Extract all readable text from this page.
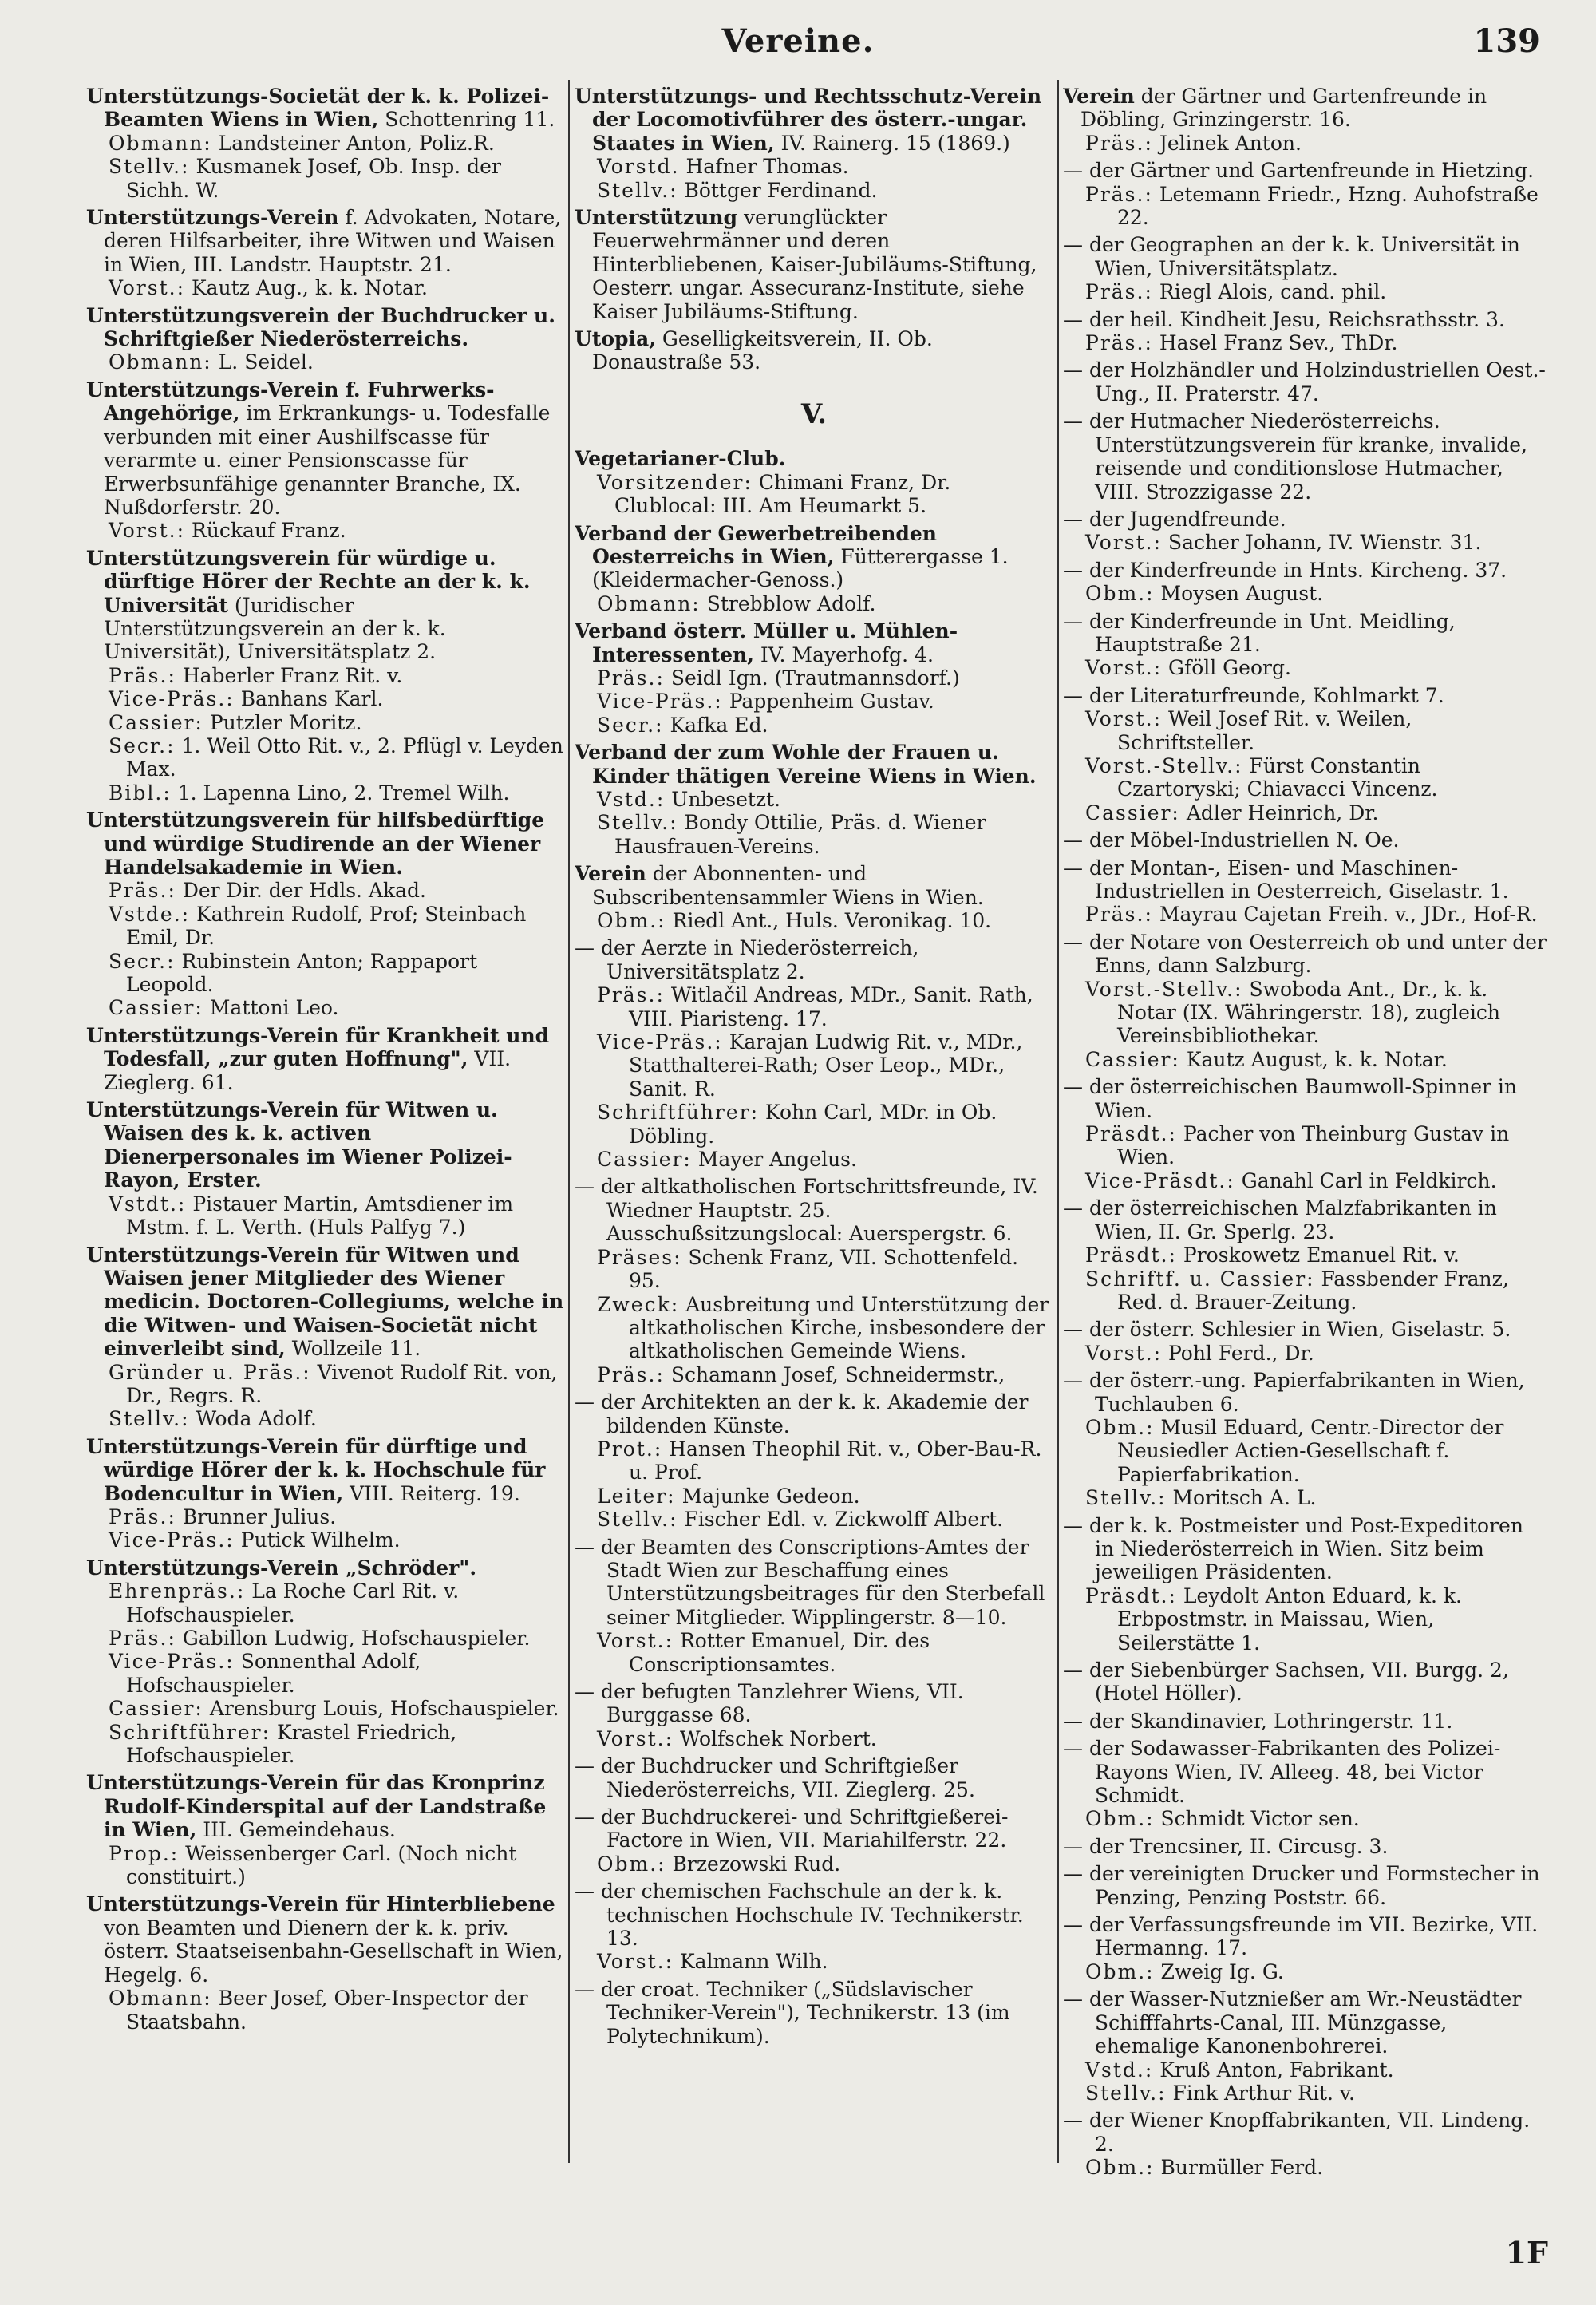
Vereine.	139
Unterstützungs-Societät der k. k. Polizei-Beamten Wiens in Wien, Schottenring 11.
Obmann: Landsteiner Anton, Poliz.R.
Stellv.: Kusmanek Josef, Ob. Insp. der Sichh. W.
Unterstützungs-Verein f. Advokaten, Notare, deren Hilfsarbeiter, ihre Witwen und Waisen in Wien, III. Landstr. Hauptstr. 21.
Vorst.: Kautz Aug., k. k. Notar.
Unterstützungsverein der Buchdrucker u. Schriftgießer Niederösterreichs.
Obmann: L. Seidel.
Unterstützungs-Verein f. Fuhrwerks-Angehörige, im Erkrankungs- u. Todesfalle verbunden mit einer Aushilfscasse für verarmte u. einer Pensionscasse für Erwerbsunfähige genannter Branche, IX. Nußdorferstr. 20.
Vorst.: Rückauf Franz.
Unterstützungsverein für würdige u. dürftige Hörer der Rechte an der k. k. Universität (Juridischer Unterstützungsverein an der k. k. Universität), Universitätsplatz 2.
Präs.: Haberler Franz Rit. v.
Vice-Präs.: Banhans Karl.
Cassier: Putzler Moritz.
Secr.: 1. Weil Otto Rit. v., 2. Pflügl v. Leyden Max.
Bibl.: 1. Lapenna Lino, 2. Tremel Wilh.
Unterstützungsverein für hilfsbedürftige und würdige Studirende an der Wiener Handelsakademie in Wien.
Präs.: Der Dir. der Hdls. Akad.
Vstde.: Kathrein Rudolf, Prof; Steinbach Emil, Dr.
Secr.: Rubinstein Anton; Rappaport Leopold.
Cassier: Mattoni Leo.
Unterstützungs-Verein für Krankheit und Todesfall, „zur guten Hoffnung", VII. Zieglerg. 61.
Unterstützungs-Verein für Witwen u. Waisen des k. k. activen Dienerpersonales im Wiener Polizei-Rayon, Erster.
Vstdt.: Pistauer Martin, Amtsdiener im Mstm. f. L. Verth. (Huls Palfyg 7.)
Unterstützungs-Verein für Witwen und Waisen jener Mitglieder des Wiener medicin. Doctoren-Collegiums, welche in die Witwen- und Waisen-Societät nicht einverleibt sind, Wollzeile 11.
Gründer u. Präs.: Vivenot Rudolf Rit. von, Dr., Regrs. R.
Stellv.: Woda Adolf.
Unterstützungs-Verein für dürftige und würdige Hörer der k. k. Hochschule für Bodencultur in Wien, VIII. Reiterg. 19.
Präs.: Brunner Julius.
Vice-Präs.: Putick Wilhelm.
Unterstützungs-Verein „Schröder".
Ehrenpräs.: La Roche Carl Rit. v. Hofschauspieler.
Präs.: Gabillon Ludwig, Hofschauspieler.
Vice-Präs.: Sonnenthal Adolf, Hofschauspieler.
Cassier: Arensburg Louis, Hofschauspieler.
Schriftführer: Krastel Friedrich, Hofschauspieler.
Unterstützungs-Verein für das Kronprinz Rudolf-Kinderspital auf der Landstraße in Wien, III. Gemeindehaus.
Prop.: Weissenberger Carl. (Noch nicht constituirt.)
Unterstützungs-Verein für Hinterbliebene von Beamten und Dienern der k. k. priv. österr. Staatseisenbahn-Gesellschaft in Wien, Hegelg. 6.
Obmann: Beer Josef, Ober-Inspector der Staatsbahn.
Unterstützungs- und Rechtsschutz-Verein der Locomotivführer des österr.-ungar. Staates in Wien, IV. Rainerg. 15 (1869.)
Vorstd. Hafner Thomas.
Stellv.: Böttger Ferdinand.
Unterstützung verunglückter Feuerwehrmänner und deren Hinterbliebenen, Kaiser-Jubiläums-Stiftung, Oesterr. ungar. Assecuranz-Institute, siehe Kaiser Jubiläums-Stiftung.
Utopia, Geselligkeitsverein, II. Ob. Donaustraße 53.
V.
Vegetarianer-Club.
Vorsitzender: Chimani Franz, Dr. Clublocal: III. Am Heumarkt 5.
Verband der Gewerbetreibenden Oesterreichs in Wien, Fütterergasse 1. (Kleidermacher-Genoss.)
Obmann: Strebblow Adolf.
Verband österr. Müller u. Mühlen-Interessenten, IV. Mayerhofg. 4.
Präs.: Seidl Ign. (Trautmannsdorf.)
Vice-Präs.: Pappenheim Gustav.
Secr.: Kafka Ed.
Verband der zum Wohle der Frauen u. Kinder thätigen Vereine Wiens in Wien.
Vstd.: Unbesetzt.
Stellv.: Bondy Ottilie, Präs. d. Wiener Hausfrauen-Vereins.
Verein der Abonnenten- und Subscribentensammler Wiens in Wien.
Obm.: Riedl Ant., Huls. Veronikag. 10.
— der Aerzte in Niederösterreich, Universitätsplatz 2.
Präs.: Witlačil Andreas, MDr., Sanit. Rath, VIII. Piaristeng. 17.
Vice-Präs.: Karajan Ludwig Rit. v., MDr., Statthalterei-Rath; Oser Leop., MDr., Sanit. R.
Schriftführer: Kohn Carl, MDr. in Ob. Döbling.
Cassier: Mayer Angelus.
— der altkatholischen Fortschrittsfreunde, IV. Wiedner Hauptstr. 25. Ausschußsitzungslocal: Auerspergstr. 6.
Präses: Schenk Franz, VII. Schottenfeld. 95.
Zweck: Ausbreitung und Unterstützung der altkatholischen Kirche, insbesondere der altkatholischen Gemeinde Wiens.
Präs.: Schamann Josef, Schneidermstr.,
— der Architekten an der k. k. Akademie der bildenden Künste.
Prot.: Hansen Theophil Rit. v., Ober-Bau-R. u. Prof.
Leiter: Majunke Gedeon.
Stellv.: Fischer Edl. v. Zickwolff Albert.
— der Beamten des Conscriptions-Amtes der Stadt Wien zur Beschaffung eines Unterstützungsbeitrages für den Sterbefall seiner Mitglieder. Wipplingerstr. 8—10.
Vorst.: Rotter Emanuel, Dir. des Conscriptionsamtes.
— der befugten Tanzlehrer Wiens, VII. Burggasse 68.
Vorst.: Wolfschek Norbert.
— der Buchdrucker und Schriftgießer Niederösterreichs, VII. Zieglerg. 25.
— der Buchdruckerei- und Schriftgießerei-Factore in Wien, VII. Mariahilferstr. 22.
Obm.: Brzezowski Rud.
— der chemischen Fachschule an der k. k. technischen Hochschule IV. Technikerstr. 13.
Vorst.: Kalmann Wilh.
— der croat. Techniker („Südslavischer Techniker-Verein"), Technikerstr. 13 (im Polytechnikum).
Verein der Gärtner und Gartenfreunde in Döbling, Grinzingerstr. 16.
Präs.: Jelinek Anton.
— der Gärtner und Gartenfreunde in Hietzing.
Präs.: Letemann Friedr., Hzng. Auhofstraße 22.
— der Geographen an der k. k. Universität in Wien, Universitätsplatz.
Präs.: Riegl Alois, cand. phil.
— der heil. Kindheit Jesu, Reichsrathsstr. 3.
Präs.: Hasel Franz Sev., ThDr.
— der Holzhändler und Holzindustriellen Oest.-Ung., II. Praterstr. 47.
— der Hutmacher Niederösterreichs. Unterstützungsverein für kranke, invalide, reisende und conditionslose Hutmacher, VIII. Strozzigasse 22.
— der Jugendfreunde.
Vorst.: Sacher Johann, IV. Wienstr. 31.
— der Kinderfreunde in Hnts. Kircheng. 37.
Obm.: Moysen August.
— der Kinderfreunde in Unt. Meidling, Hauptstraße 21.
Vorst.: Gföll Georg.
— der Literaturfreunde, Kohlmarkt 7.
Vorst.: Weil Josef Rit. v. Weilen, Schriftsteller.
Vorst.-Stellv.: Fürst Constantin Czartoryski; Chiavacci Vincenz.
Cassier: Adler Heinrich, Dr.
— der Möbel-Industriellen N. Oe.
— der Montan-, Eisen- und Maschinen-Industriellen in Oesterreich, Giselastr. 1.
Präs.: Mayrau Cajetan Freih. v., JDr., Hof-R.
— der Notare von Oesterreich ob und unter der Enns, dann Salzburg.
Vorst.-Stellv.: Swoboda Ant., Dr., k. k. Notar (IX. Währingerstr. 18), zugleich Vereinsbibliothekar.
Cassier: Kautz August, k. k. Notar.
— der österreichischen Baumwoll-Spinner in Wien.
Präsdt.: Pacher von Theinburg Gustav in Wien.
Vice-Präsdt.: Ganahl Carl in Feldkirch.
— der österreichischen Malzfabrikanten in Wien, II. Gr. Sperlg. 23.
Präsdt.: Proskowetz Emanuel Rit. v.
Schriftf. u. Cassier: Fassbender Franz, Red. d. Brauer-Zeitung.
— der österr. Schlesier in Wien, Giselastr. 5.
Vorst.: Pohl Ferd., Dr.
— der österr.-ung. Papierfabrikanten in Wien, Tuchlauben 6.
Obm.: Musil Eduard, Centr.-Director der Neusiedler Actien-Gesellschaft f. Papierfabrikation.
Stellv.: Moritsch A. L.
— der k. k. Postmeister und Post-Expeditoren in Niederösterreich in Wien. Sitz beim jeweiligen Präsidenten.
Präsdt.: Leydolt Anton Eduard, k. k. Erbpostmstr. in Maissau, Wien, Seilerstätte 1.
— der Siebenbürger Sachsen, VII. Burgg. 2, (Hotel Höller).
— der Skandinavier, Lothringerstr. 11.
— der Sodawasser-Fabrikanten des Polizei-Rayons Wien, IV. Alleeg. 48, bei Victor Schmidt.
Obm.: Schmidt Victor sen.
— der Trencsiner, II. Circusg. 3.
— der vereinigten Drucker und Formstecher in Penzing, Penzing Poststr. 66.
— der Verfassungsfreunde im VII. Bezirke, VII. Hermanng. 17.
Obm.: Zweig Ig. G.
— der Wasser-Nutznießer am Wr.-Neustädter Schifffahrts-Canal, III. Münzgasse, ehemalige Kanonenbohrerei.
Vstd.: Kruß Anton, Fabrikant.
Stellv.: Fink Arthur Rit. v.
— der Wiener Knopffabrikanten, VII. Lindeng. 2.
Obm.: Burmüller Ferd.
1F
